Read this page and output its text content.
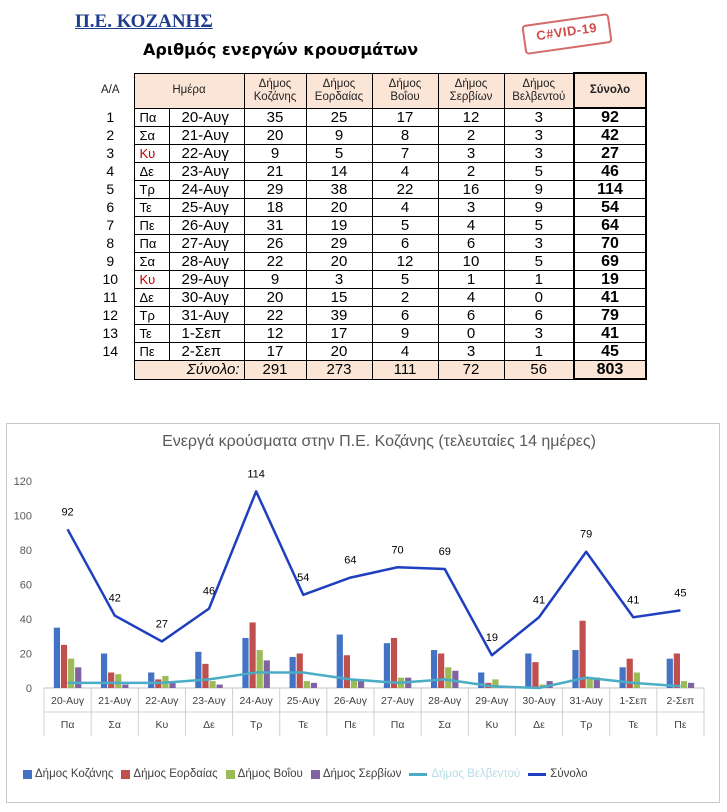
Π.Ε. ΚΟΖΑΝΗΣ
Αριθμός ενεργών κρουσμάτων
C#VID-19
Α/Α	Ημέρα		Δήμος Κοζάνης	Δήμος Εορδαίας	Δήμος Βοΐου	Δήμος Σερβίων	Δήμος Βελβεντού	Σύνολο
1	Πα	20-Αυγ	35	25	17	12	3	92
2	Σα	21-Αυγ	20	9	8	2	3	42
3	Κυ	22-Αυγ	9	5	7	3	3	27
4	Δε	23-Αυγ	21	14	4	2	5	46
5	Τρ	24-Αυγ	29	38	22	16	9	114
6	Τε	25-Αυγ	18	20	4	3	9	54
7	Πε	26-Αυγ	31	19	5	4	5	64
8	Πα	27-Αυγ	26	29	6	6	3	70
9	Σα	28-Αυγ	22	20	12	10	5	69
10	Κυ	29-Αυγ	9	3	5	1	1	19
11	Δε	30-Αυγ	20	15	2	4	0	41
12	Τρ	31-Αυγ	22	39	6	6	6	79
13	Τε	1-Σεπ	12	17	9	0	3	41
14	Πε	2-Σεπ	17	20	4	3	1	45
	Σύνολο:		291	273	111	72	56	803
Ενεργά κρούσματα στην Π.Ε. Κοζάνης (τελευταίες 14 ημέρες)
0
20
40
60
80
100
120
20-Αυγ
Πα
21-Αυγ
Σα
22-Αυγ
Κυ
23-Αυγ
Δε
24-Αυγ
Τρ
25-Αυγ
Τε
26-Αυγ
Πε
27-Αυγ
Πα
28-Αυγ
Σα
29-Αυγ
Κυ
30-Αυγ
Δε
31-Αυγ
Τρ
1-Σεπ
Τε
2-Σεπ
Πε
92
42
27
46
114
54
64
70	69
19
41
79
41
45
Δήμος Κοζάνης Δήμος Εορδαίας Δήμος Βοΐου Δήμος Σερβίων	Δήμος Βελβεντού	Σύνολο
